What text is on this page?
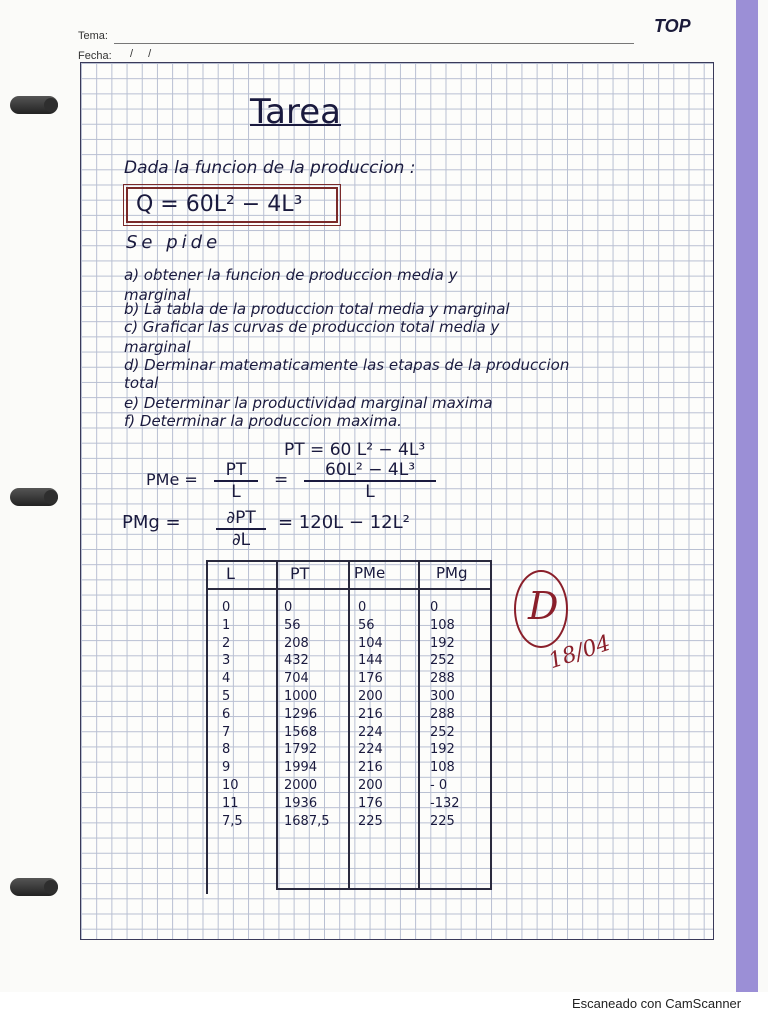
Tema:
Fecha: / /
TOP
Tarea
Dada la funcion de la produccion :
Q = 60L² − 4L³
Se pide
a) obtener la funcion de produccion media y
marginal
b) La tabla de la produccion total media y marginal
c) Graficar las curvas de produccion total media y
marginal
d) Derminar matematicamente las etapas de la produccion
total
e) Determinar la productividad marginal maxima
f) Determinar la produccion maxima.
PT = 60 L² − 4L³
PMe = PT
L
= 60L² − 4L³
L
PMg =	∂PT
∂L
= 120L − 12L²
L	PT	PMe	PMg
0	0	0	0
1	56	56	108
2	208	104	192
3	432	144	252
4	704	176	288
5	1000	200	300
6	1296	216	288
7	1568	224	252
8	1792	224	192
9	1994	216	108
10	2000	200	- 0
11	1936	176	-132
7,5	1687,5	225	225
D
18/04
Escaneado con CamScanner
